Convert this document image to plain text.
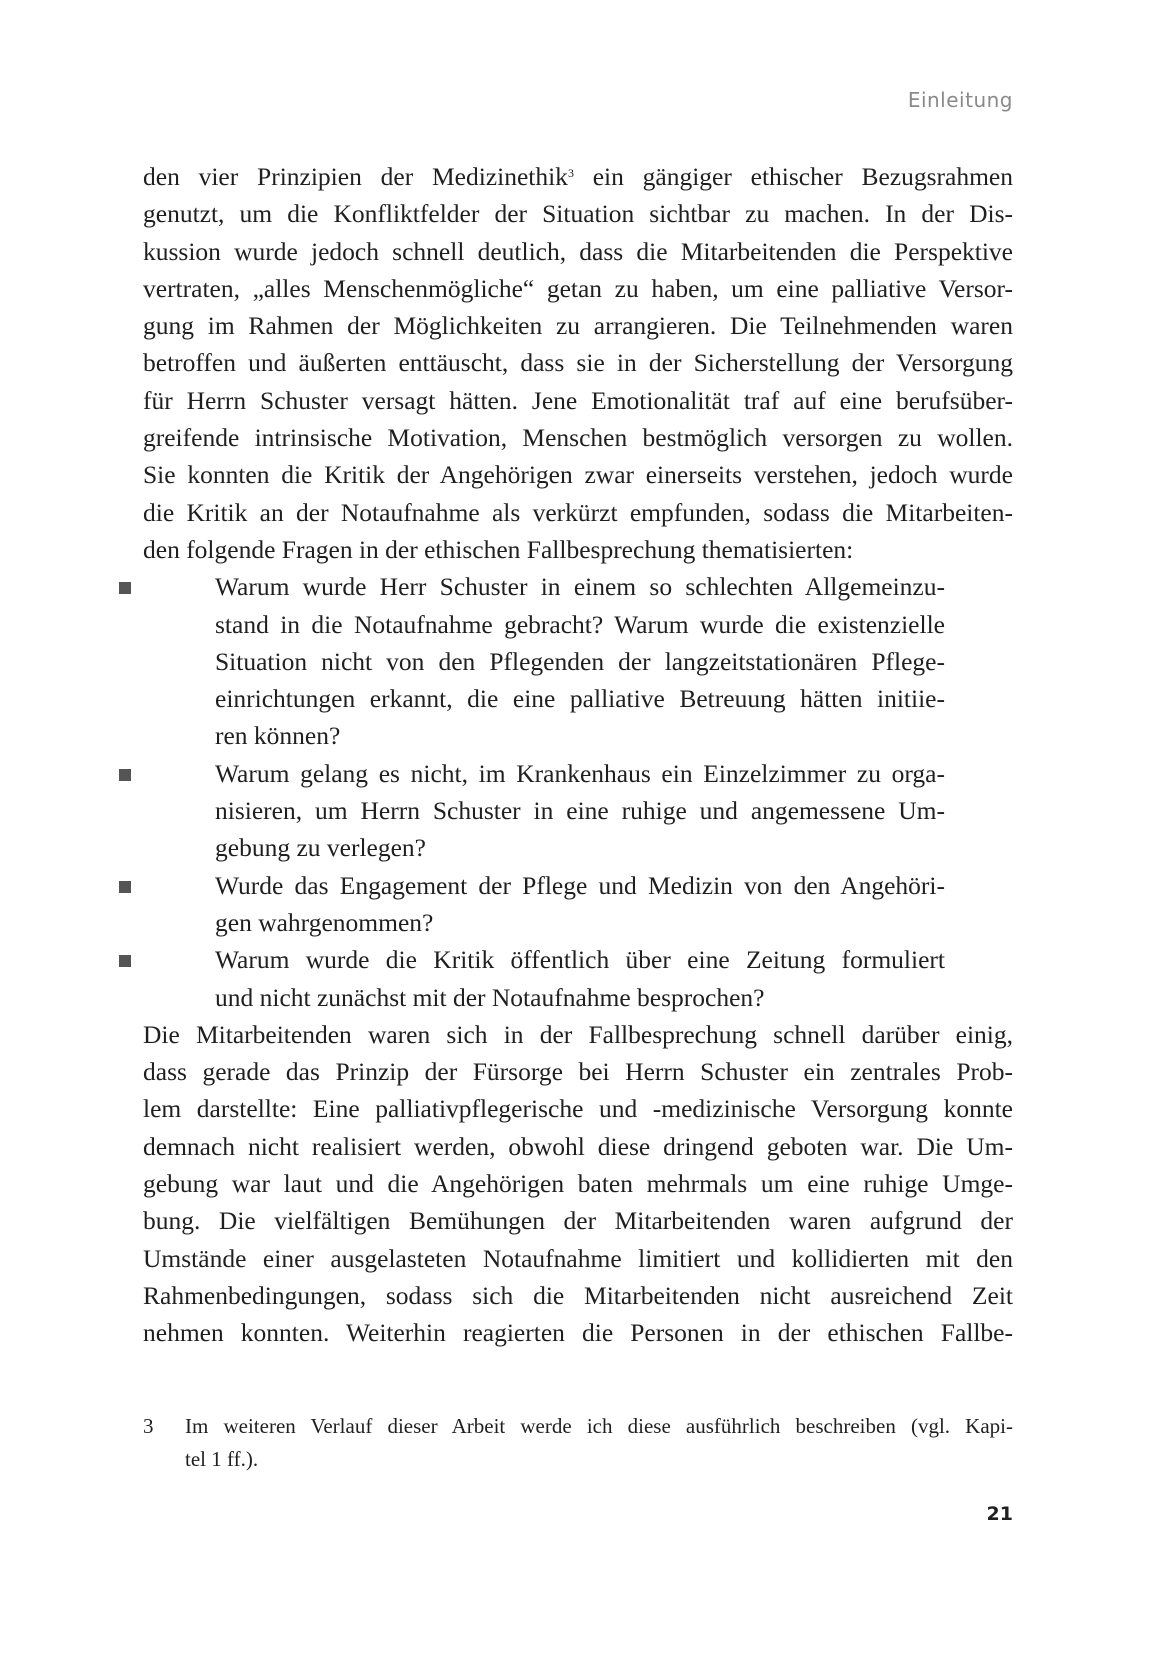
Einleitung
den vier Prinzipien der Medizinethik$^3$ ein gängiger ethischer Bezugsrahmen
genutzt, um die Konfliktfelder der Situation sichtbar zu machen. In der Dis-
kussion wurde jedoch schnell deutlich, dass die Mitarbeitenden die Perspektive
vertraten, „alles Menschenmögliche“ getan zu haben, um eine palliative Versor-
gung im Rahmen der Möglichkeiten zu arrangieren. Die Teilnehmenden waren
betroffen und äußerten enttäuscht, dass sie in der Sicherstellung der Versorgung
für Herrn Schuster versagt hätten. Jene Emotionalität traf auf eine berufsüber-
greifende intrinsische Motivation, Menschen bestmöglich versorgen zu wollen.
Sie konnten die Kritik der Angehörigen zwar einerseits verstehen, jedoch wurde
die Kritik an der Notaufnahme als verkürzt empfunden, sodass die Mitarbeiten-
den folgende Fragen in der ethischen Fallbesprechung thematisierten:
Warum wurde Herr Schuster in einem so schlechten Allgemeinzu-
stand in die Notaufnahme gebracht? Warum wurde die existenzielle
Situation nicht von den Pflegenden der langzeitstationären Pflege-
einrichtungen erkannt, die eine palliative Betreuung hätten initiie-
ren können?
Warum gelang es nicht, im Krankenhaus ein Einzelzimmer zu orga-
nisieren, um Herrn Schuster in eine ruhige und angemessene Um-
gebung zu verlegen?
Wurde das Engagement der Pflege und Medizin von den Angehöri-
gen wahrgenommen?
Warum wurde die Kritik öffentlich über eine Zeitung formuliert
und nicht zunächst mit der Notaufnahme besprochen?
Die Mitarbeitenden waren sich in der Fallbesprechung schnell darüber einig,
dass gerade das Prinzip der Fürsorge bei Herrn Schuster ein zentrales Prob-
lem darstellte: Eine palliativpflegerische und -medizinische Versorgung konnte
demnach nicht realisiert werden, obwohl diese dringend geboten war. Die Um-
gebung war laut und die Angehörigen baten mehrmals um eine ruhige Umge-
bung. Die vielfältigen Bemühungen der Mitarbeitenden waren aufgrund der
Umstände einer ausgelasteten Notaufnahme limitiert und kollidierten mit den
Rahmenbedingungen, sodass sich die Mitarbeitenden nicht ausreichend Zeit
nehmen konnten. Weiterhin reagierten die Personen in der ethischen Fallbe-
3 Im weiteren Verlauf dieser Arbeit werde ich diese ausführlich beschreiben (vgl. Kapi-
tel 1 ff.).
21
